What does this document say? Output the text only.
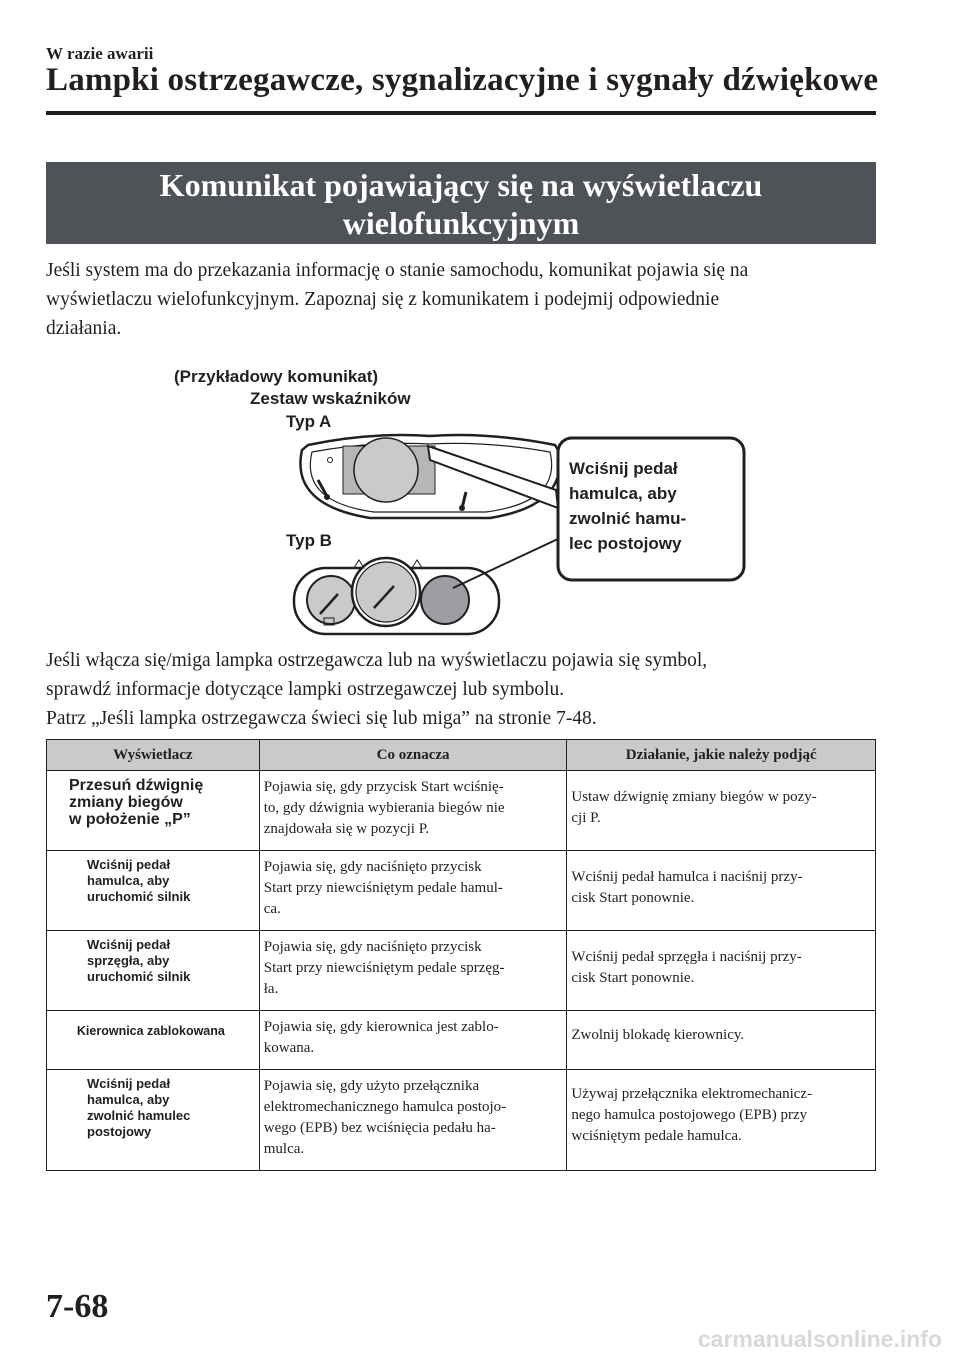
W razie awarii
Lampki ostrzegawcze, sygnalizacyjne i sygnały dźwiękowe
Komunikat pojawiający się na wyświetlaczu
wielofunkcyjnym
Jeśli system ma do przekazania informację o stanie samochodu, komunikat pojawia się na
wyświetlaczu wielofunkcyjnym. Zapoznaj się z komunikatem i podejmij odpowiednie
działania.
(Przykładowy komunikat)
Zestaw wskaźników
Typ A
Typ B
Wciśnij pedał
hamulca, aby
zwolnić hamu-
lec postojowy
Jeśli włącza się/miga lampka ostrzegawcza lub na wyświetlaczu pojawia się symbol,
sprawdź informacje dotyczące lampki ostrzegawczej lub symbolu.
Patrz „Jeśli lampka ostrzegawcza świeci się lub miga” na stronie 7-48.
Wyświetlacz	Co oznacza	Działanie, jakie należy podjąć
Przesuń dźwignię
zmiany biegów
w położenie „P”	Pojawia się, gdy przycisk Start wciśnię-
to, gdy dźwignia wybierania biegów nie
znajdowała się w pozycji P.	Ustaw dźwignię zmiany biegów w pozy-
cji P.
Wciśnij pedał
hamulca, aby
uruchomić silnik	Pojawia się, gdy naciśnięto przycisk
Start przy niewciśniętym pedale hamul-
ca.	Wciśnij pedał hamulca i naciśnij przy-
cisk Start ponownie.
Wciśnij pedał
sprzęgła, aby
uruchomić silnik	Pojawia się, gdy naciśnięto przycisk
Start przy niewciśniętym pedale sprzęg-
ła.	Wciśnij pedał sprzęgła i naciśnij przy-
cisk Start ponownie.
Kierownica zablokowana	Pojawia się, gdy kierownica jest zablo-
kowana.	Zwolnij blokadę kierownicy.
Wciśnij pedał
hamulca, aby
zwolnić hamulec
postojowy	Pojawia się, gdy użyto przełącznika
elektromechanicznego hamulca postojo-
wego (EPB) bez wciśnięcia pedału ha-
mulca.	Używaj przełącznika elektromechanicz-
nego hamulca postojowego (EPB) przy
wciśniętym pedale hamulca.
7-68
carmanualsonline.info
